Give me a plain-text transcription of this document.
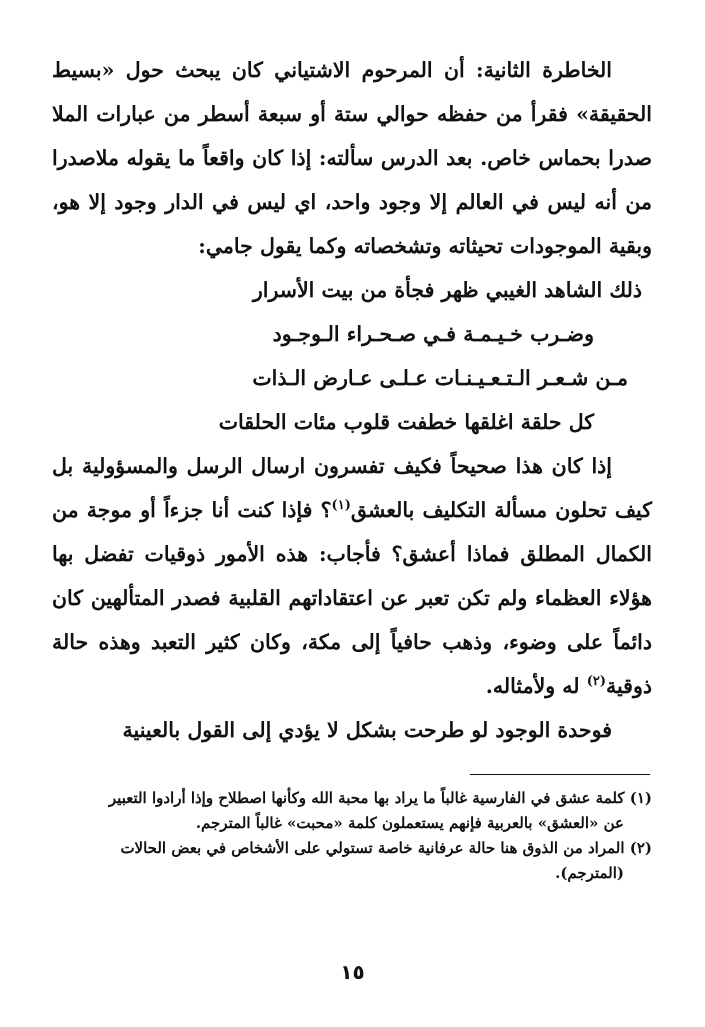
الخاطرة الثانية: أن المرحوم الاشتياني كان يبحث حول «بسيط الحقيقة» فقرأ من حفظه حوالي ستة أو سبعة أسطر من عبارات الملا صدرا بحماس خاص. بعد الدرس سألته: إذا كان واقعاً ما يقوله ملاصدرا من أنه ليس في العالم إلا وجود واحد، اي ليس في الدار وجود إلا هو، وبقية الموجودات تحيثاته وتشخصاته وكما يقول جامي:

ذلك الشاهد الغيبي ظهر فجأة من بيت الأسرار
وضـرب خـيـمـة فـي صـحـراء الـوجـود
مـن شـعـر الـتـعـيـنـات عـلـى عـارض الـذات
كل حلقة اغلقها خطفت قلوب مئات الحلقات

إذا كان هذا صحيحاً فكيف تفسرون ارسال الرسل والمسؤولية بل كيف تحلون مسألة التكليف بالعشق$^{(١)}$؟ فإذا كنت أنا جزءاً أو موجة من الكمال المطلق فماذا أعشق؟ فأجاب: هذه الأمور ذوقيات تفضل بها هؤلاء العظماء ولم تكن تعبر عن اعتقاداتهم القلبية فصدر المتألهين كان دائماً على وضوء، وذهب حافياً إلى مكة، وكان كثير التعبد وهذه حالة ذوقية$^{(٢)}$ له ولأمثاله.

فوحدة الوجود لو طرحت بشكل لا يؤدي إلى القول بالعينية

(١) كلمة عشق في الفارسية غالباً ما يراد بها محبة الله وكأنها اصطلاح وإذا أرادوا التعبير

عن «العشق» بالعربية فإنهم يستعملون كلمة «محبت» غالباً المترجم.

(٢) المراد من الذوق هنا حالة عرفانية خاصة تستولي على الأشخاص في بعض الحالات

(المترجم).

١٥
